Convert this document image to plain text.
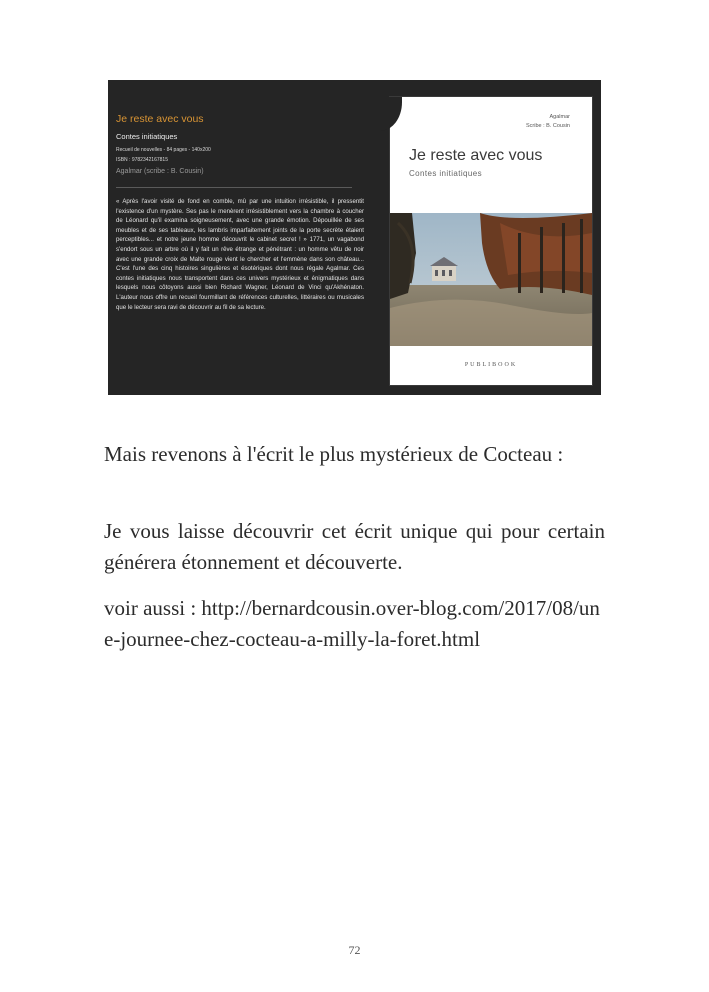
Je reste avec vous
Contes initiatiques
Recueil de nouvelles - 84 pages - 140x200
ISBN : 9782342167815
Agalmar (scribe : B. Cousin)

« Après l'avoir visité de fond en comble, mû par une intuition irrésistible, il pressentit l'existence d'un mystère. Ses pas le menèrent irrésistiblement vers la chambre à coucher de Léonard qu'il examina soigneusement, avec une grande émotion. Dépouillée de ses meubles et de ses tableaux, les lambris imparfaitement joints de la porte secrète étaient perceptibles... et notre jeune homme découvrit le cabinet secret ! » 1771, un vagabond s'endort sous un arbre où il y fait un rêve étrange et pénétrant : un homme vêtu de noir avec une grande croix de Malte rouge vient le chercher et l'emmène dans son château... C'est l'une des cinq histoires singulières et ésotériques dont nous régale Agalmar. Ces contes initiatiques nous transportent dans ces univers mystérieux et énigmatiques dans lesquels nous côtoyons aussi bien Richard Wagner, Léonard de Vinci qu'Akhénaton. L'auteur nous offre un recueil fourmillant de références culturelles, littéraires ou musicales que le lecteur sera ravi de découvrir au fil de sa lecture.

Agalmar
Scribe : B. Cousin
Je reste avec vous
Contes initiatiques
PUBLIBOOK

Mais revenons à l'écrit le plus mystérieux de Cocteau :

Je vous laisse découvrir cet écrit unique qui pour certain générera étonnement et découverte.

voir aussi : http://bernardcousin.over-blog.com/2017/08/une-journee-chez-cocteau-a-milly-la-foret.html

72
